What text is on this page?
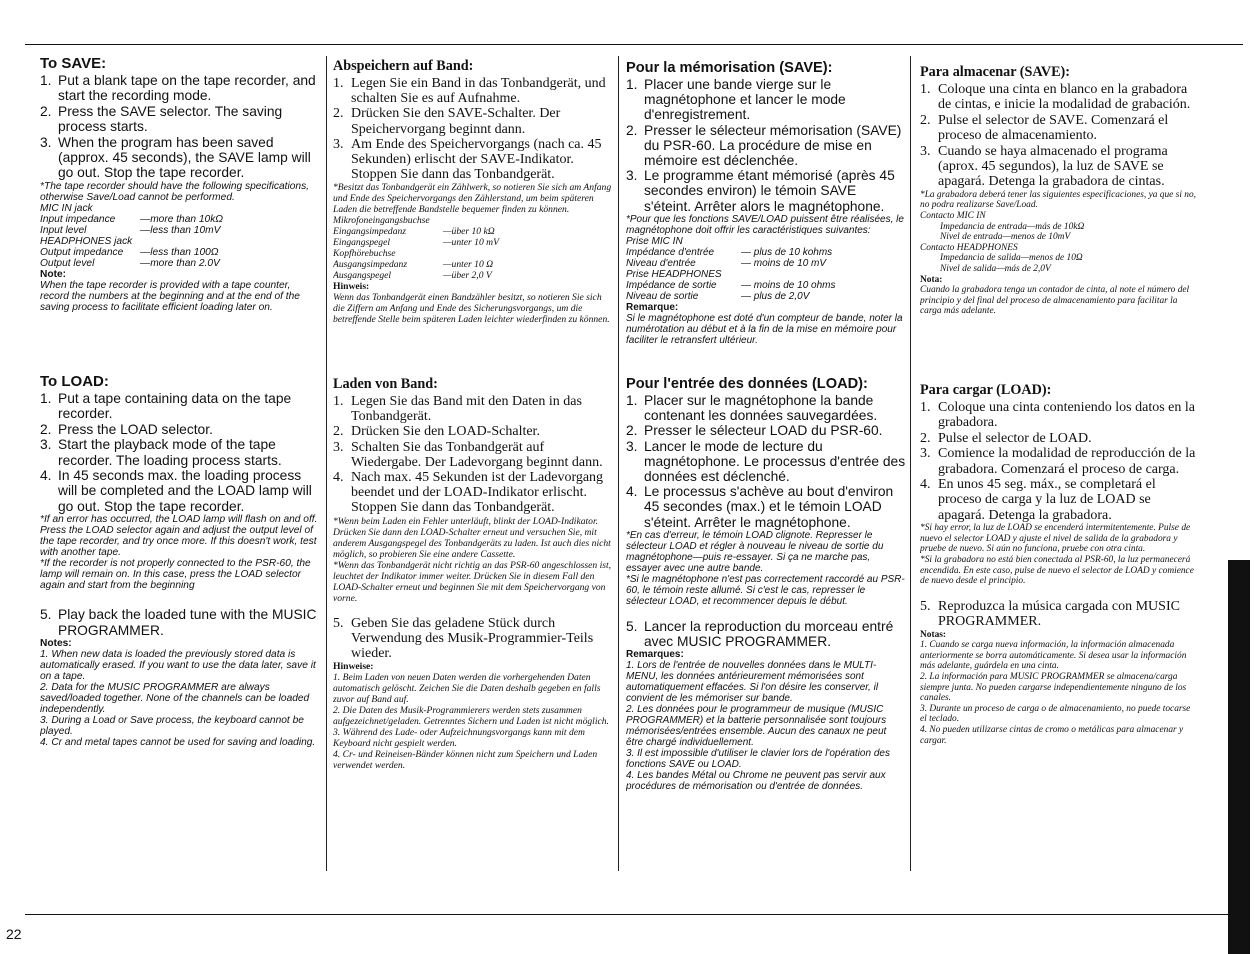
To SAVE:
1. Put a blank tape on the tape recorder, and start the recording mode.
2. Press the SAVE selector. The saving process starts.
3. When the program has been saved (approx. 45 seconds), the SAVE lamp will go out. Stop the tape recorder.

*The tape recorder should have the following specifications, otherwise Save/Load cannot be performed.

MIC IN jack

Input impedance	—more than 10kΩ
Input level	—less than 10mV

HEADPHONES jack

Output impedance	—less than 100Ω
Output level	—more than 2.0V

Note:

When the tape recorder is provided with a tape counter, record the numbers at the beginning and at the end of the saving process to facilitate efficient loading later on.

To LOAD:
1. Put a tape containing data on the tape recorder.
2. Press the LOAD selector.
3. Start the playback mode of the tape recorder. The loading process starts.
4. In 45 seconds max. the loading process will be completed and the LOAD lamp will go out. Stop the tape recorder.

*If an error has occurred, the LOAD lamp will flash on and off. Press the LOAD selector again and adjust the output level of the tape recorder, and try once more. If this doesn't work, test with another tape.

*If the recorder is not properly connected to the PSR-60, the lamp will remain on. In this case, press the LOAD selector again and start from the beginning

5. Play back the loaded tune with the MUSIC PROGRAMMER.

Notes:

1. When new data is loaded the previously stored data is automatically erased. If you want to use the data later, save it on a tape.

2. Data for the MUSIC PROGRAMMER are always saved/loaded together. None of the channels can be loaded independently.

3. During a Load or Save process, the keyboard cannot be played.

4. Cr and metal tapes cannot be used for saving and loading.

Abspeichern auf Band:
1. Legen Sie ein Band in das Tonbandgerät, und schalten Sie es auf Aufnahme.
2. Drücken Sie den SAVE-Schalter. Der Speichervorgang beginnt dann.
3. Am Ende des Speichervorgangs (nach ca. 45 Sekunden) erlischt der SAVE-Indikator. Stoppen Sie dann das Tonbandgerät.

*Besitzt das Tonbandgerät ein Zählwerk, so notieren Sie sich am Anfang und Ende des Speichervorgangs den Zählerstand, um beim späteren Laden die betreffende Bandstelle bequemer finden zu können.

Mikrofoneingangsbuchse

Eingangsimpedanz	—über 10 kΩ
Eingangspegel	—unter 10 mV

Kopfhörebuchse

Ausgangsimpedanz	—unter 10 Ω
Ausgangspegel	—über 2,0 V

Hinweis:

Wenn das Tonbandgerät einen Bandzähler besitzt, so notieren Sie sich die Ziffern am Anfang und Ende des Sicherungsvorgangs, um die betreffende Stelle beim späteren Laden leichter wiederfinden zu können.

Laden von Band:
1. Legen Sie das Band mit den Daten in das Tonbandgerät.
2. Drücken Sie den LOAD-Schalter.
3. Schalten Sie das Tonbandgerät auf Wiedergabe. Der Ladevorgang beginnt dann.
4. Nach max. 45 Sekunden ist der Ladevorgang beendet und der LOAD-Indikator erlischt. Stoppen Sie dann das Tonbandgerät.

*Wenn beim Laden ein Fehler unterläuft, blinkt der LOAD-Indikator. Drücken Sie dann den LOAD-Schalter erneut und versuchen Sie, mit anderem Ausgangspegel des Tonbandgeräts zu laden. Ist auch dies nicht möglich, so probieren Sie eine andere Cassette.

*Wenn das Tonbandgerät nicht richtig an das PSR-60 angeschlossen ist, leuchtet der Indikator immer weiter. Drücken Sie in diesem Fall den LOAD-Schalter erneut und beginnen Sie mit dem Speichervorgang von vorne.

5. Geben Sie das geladene Stück durch Verwendung des Musik-Programmier-Teils wieder.

Hinweise:

1. Beim Laden von neuen Daten werden die vorhergehenden Daten automatisch gelöscht. Zeichen Sie die Daten deshalb gegeben en falls zuvor auf Band auf.

2. Die Daten des Musik-Programmierers werden stets zusammen aufgezeichnet/geladen. Getrenntes Sichern und Laden ist nicht möglich.

3. Während des Lade- oder Aufzeichnungsvorgangs kann mit dem Keyboard nicht gespielt werden.

4. Cr- und Reineisen-Bänder können nicht zum Speichern und Laden verwendet werden.

Pour la mémorisation (SAVE):
1. Placer une bande vierge sur le magnétophone et lancer le mode d'enregistrement.
2. Presser le sélecteur mémorisation (SAVE) du PSR-60. La procédure de mise en mémoire est déclenchée.
3. Le programme étant mémorisé (après 45 secondes environ) le témoin SAVE s'éteint. Arrêter alors le magnétophone.

*Pour que les fonctions SAVE/LOAD puissent être réalisées, le magnétophone doit offrir les caractéristiques suivantes:

Prise MIC IN

Impédance d'entrée	— plus de 10 kohms
Niveau d'entrée	— moins de 10 mV

Prise HEADPHONES

Impédance de sortie	— moins de 10 ohms
Niveau de sortie	— plus de 2,0V

Remarque:

Si le magnétophone est doté d'un compteur de bande, noter la numérotation au début et à la fin de la mise en mémoire pour faciliter le retransfert ultérieur.

Pour l'entrée des données (LOAD):
1. Placer sur le magnétophone la bande contenant les données sauvegardées.
2. Presser le sélecteur LOAD du PSR-60.
3. Lancer le mode de lecture du magnétophone. Le processus d'entrée des données est déclenché.
4. Le processus s'achève au bout d'environ 45 secondes (max.) et le témoin LOAD s'éteint. Arrêter le magnétophone.

*En cas d'erreur, le témoin LOAD clignote. Represser le sélecteur LOAD et régler à nouveau le niveau de sortie du magnétophone—puis re-essayer. Si ça ne marche pas, essayer avec une autre bande.

*Si le magnétophone n'est pas correctement raccordé au PSR-60, le témoin reste allumé. Si c'est le cas, represser le sélecteur LOAD, et recommencer depuis le début.

5. Lancer la reproduction du morceau entré avec MUSIC PROGRAMMER.

Remarques:

1. Lors de l'entrée de nouvelles données dans le MULTI-MENU, les données antérieurement mémorisées sont automatiquement effacées. Si l'on désire les conserver, il convient de les mémoriser sur bande.

2. Les données pour le programmeur de musique (MUSIC PROGRAMMER) et la batterie personnalisée sont toujours mémorisées/entrées ensemble. Aucun des canaux ne peut être chargé individuellement.

3. Il est impossible d'utiliser le clavier lors de l'opération des fonctions SAVE ou LOAD.

4. Les bandes Métal ou Chrome ne peuvent pas servir aux procédures de mémorisation ou d'entrée de données.

Para almacenar (SAVE):
1. Coloque una cinta en blanco en la grabadora de cintas, e inicie la modalidad de grabación.
2. Pulse el selector de SAVE. Comenzará el proceso de almacenamiento.
3. Cuando se haya almacenado el programa (aprox. 45 segundos), la luz de SAVE se apagará. Detenga la grabadora de cintas.

*La grabadora deberá tener las siguientes especificaciones, ya que si no, no podra realizarse Save/Load.

Contacto MIC IN

Impedancia de entrada—más de 10kΩ

Nivel de entrada—menos de 10mV

Contacto HEADPHONES

Impedancia de salida—menos de 10Ω

Nivel de salida—más de 2,0V

Nota:

Cuando la grabadora tenga un contador de cinta, al note el número del principio y del final del proceso de almacenamiento para facilitar la carga más adelante.

Para cargar (LOAD):
1. Coloque una cinta conteniendo los datos en la grabadora.
2. Pulse el selector de LOAD.
3. Comience la modalidad de reproducción de la grabadora. Comenzará el proceso de carga.
4. En unos 45 seg. máx., se completará el proceso de carga y la luz de LOAD se apagará. Detenga la grabadora.

*Si hay error, la luz de LOAD se encenderá intermitentemente. Pulse de nuevo el selector LOAD y ajuste el nivel de salida de la grabadora y pruebe de nuevo. Si aún no funciona, pruebe con otra cinta.

*Si la grabadora no está bien conectada al PSR-60, la luz permanecerá encendida. En este caso, pulse de nuevo el selector de LOAD y comience de nuevo desde el principio.

5. Reproduzca la música cargada con MUSIC PROGRAMMER.

Notas:

1. Cuando se carga nueva información, la información almacenada anteriormente se borra automáticamente. Si desea usar la información más adelante, guárdela en una cinta.

2. La información para MUSIC PROGRAMMER se almacena/carga siempre junta. No pueden cargarse independientemente ninguno de los canales.

3. Durante un proceso de carga o de almacenamiento, no puede tocarse el teclado.

4. No pueden utilizarse cintas de cromo o metálicas para almacenar y cargar.

22
